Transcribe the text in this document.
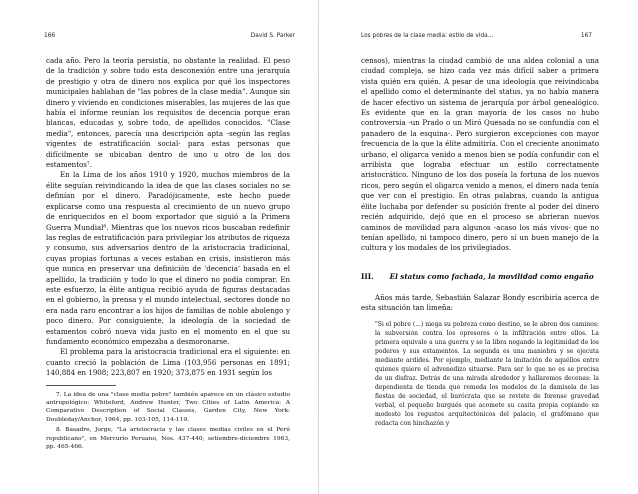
166	David S. Parker

cada año. Pero la teoría persistía, no obstante la realidad. El peso de la tradición y sobre todo esta desconexión entre una jerarquía de prestigio y otra de dinero nos explica por qué los inspectores municipales hablaban de "las pobres de la clase media". Aunque sin dinero y viviendo en condiciones miserables, las mujeres de las que había el informe reunían los requisitos de decencia porque eran blancas, educadas y, sobre todo, de apellidos conocidos. "Clase media", entonces, parecía una descripción apta -según las reglas vigentes de estratificación social- para estas personas que difícilmente se ubicaban dentro de uno u otro de los dos estamentos⁷.

En la Lima de los años 1910 y 1920, muchos miembros de la élite seguían reivindicando la idea de que las clases sociales no se definían por el dinero. Paradójicamente, este hecho puede explicarse como una respuesta al crecimiento de un nuevo grupo de enriquecidos en el boom exportador que siguió a la Primera Guerra Mundial⁸. Mientras que los nuevos ricos buscaban redefinir las reglas de estratificación para privilegiar los atributos de riqueza y consumo, sus adversarios dentro de la aristocracia tradicional, cuyas propias fortunas a veces estaban en crisis, insistieron más que nunca en preservar una definición de 'decencia' basada en el apellido, la tradición y todo lo que el dinero no podía comprar. En este esfuerzo, la élite antigua recibió ayuda de figuras destacadas en el gobierno, la prensa y el mundo intelectual, sectores donde no era nada raro encontrar a los hijos de familias de noble abolengo y poco dinero. Por consiguiente, la ideología de la sociedad de estamentos cobró nueva vida justo en el momento en el que su fundamento económico empezaba a desmoronarse.

El problema para la aristocracia tradicional era el siguiente: en cuanto creció la población de Lima (103,956 personas en 1891; 140,884 en 1908; 223,807 en 1920; 373,875 en 1931 según los

7. La idea de una "clase media pobre" también aparece en un clásico estudio antropológico: Whiteford, Andrew Hunter, Two Cities of Latin America: A Comparative Description of Social Classes, Garden City, New York: Doubleday/Anchor, 1964, pp. 103-105, 114-119.

8. Basadre, Jorge, "La aristocracia y las clases medias civiles en el Perú republicano", en Mercurio Peruano, Nos. 437-440, setiembre-diciembre 1963, pp. 465-466.

Los pobres de la clase media: estilo de vida...	167

censos), mientras la ciudad cambió de una aldea colonial a una ciudad compleja, se hizo cada vez más difícil saber a primera vista quién era quién. A pesar de una ideología que reivindicaba el apellido como el determinante del status, ya no había manera de hacer efectivo un sistema de jerarquía por árbol genealógico. Es evidente que en la gran mayoría de los casos no hubo controversia -un Prado o un Miró Quesada no se confundía con el panadero de la esquina-. Pero surgieron excepciones con mayor frecuencia de la que la élite admitiría. Con el creciente anonimato urbano, el oligarca venido a menos bien se podía confundir con el arribista que lograba efectuar un estilo correctamente aristocrático. Ninguno de los dos poseía la fortuna de los nuevos ricos, pero según el oligarca venido a menos, el dinero nada tenía que ver con el prestigio. En otras palabras, cuando la antigua élite luchaba por defender su posición frente al poder del dinero recién adquirido, dejó que en el proceso se abrieran nuevos caminos de movilidad para algunos -acaso los más vivos- que no tenían apellido, ni tampoco dinero, pero sí un buen manejo de la cultura y los modales de los privilegiados.

III. El status como fachada, la movilidad como engaño

Años más tarde, Sebastián Salazar Bondy escribiría acerca de esta situación tan limeña:

"Si el pobre (...) niega su pobreza como destino, se le abren dos caminos: la subversión contra los opresores o la infiltración entre ellos. La primera equivale a una guerra y se la libra negando la legitimidad de los poderes y sus estamentos. La segunda es una maniobra y se ejecuta mediante ardides. Por ejemplo, mediante la imitación de aquéllos entre quienes quiere el advenedizo situarse. Para ser lo que no es se precisa de un disfraz. Detrás de una mirada alrededor y hallaremos decenas: la dependienta de tienda que remeda los modelos de la damisela de las fiestas de sociedad, el burócrata que se reviste de forense gravedad verbal, el pequeño burgués que acomete su casita propia copiando en modesto los regustos arquitectónicos del palacio, el grafómano que redacta con hinchazón y
